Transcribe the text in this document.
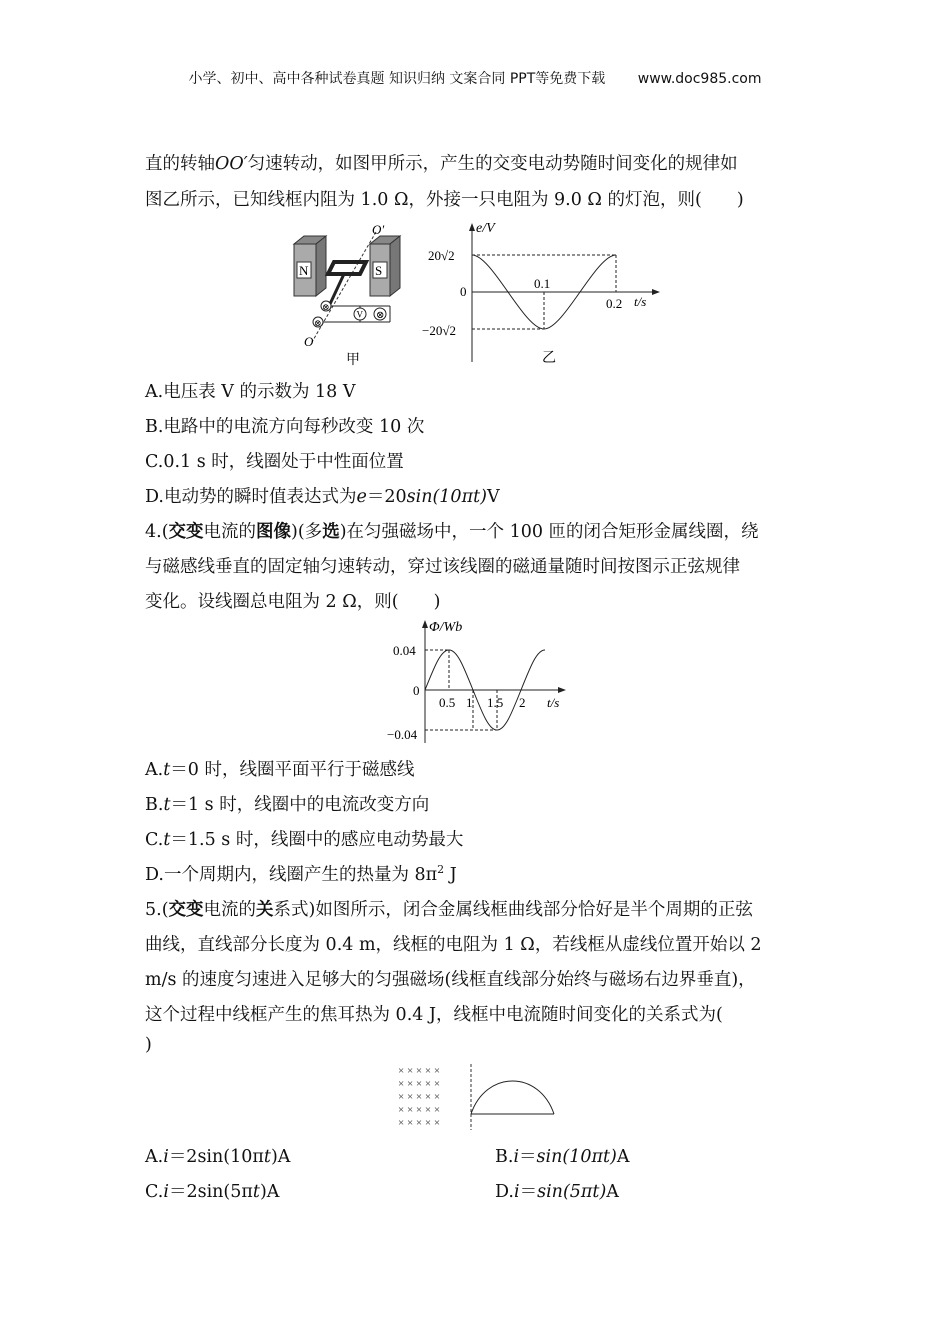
小学、初中、高中各种试卷真题 知识归纳 文案合同 PPT等免费下载 www.doc985.com
直的转轴OO′匀速转动，如图甲所示，产生的交变电动势随时间变化的规律如
图乙所示，已知线框内阻为 1.0 Ω，外接一只电阻为 9.0 Ω 的灯泡，则(　　)
N	S
O′
⊗
⊗
V ⊗
O
甲
e/V
20√2
0
−20√2
0.1
0.2 t/s
乙
A.电压表 V 的示数为 18 V
B.电路中的电流方向每秒改变 10 次
C.0.1 s 时，线圈处于中性面位置
D.电动势的瞬时值表达式为e＝20sin(10πt)V
4.(交变电流的图像)(多选)在匀强磁场中，一个 100 匝的闭合矩形金属线圈，绕
与磁感线垂直的固定轴匀速转动，穿过该线圈的磁通量随时间按图示正弦规律
变化。设线圈总电阻为 2 Ω，则(　　)
Φ/Wb
0.04
0
−0.04
0.5 1 1.5 2 t/s
A.t＝0 时，线圈平面平行于磁感线
B.t＝1 s 时，线圈中的电流改变方向
C.t＝1.5 s 时，线圈中的感应电动势最大
D.一个周期内，线圈产生的热量为 $8\pi^2$ J
5.(交变电流的关系式)如图所示，闭合金属线框曲线部分恰好是半个周期的正弦
曲线，直线部分长度为 0.4 m，线框的电阻为 1 Ω，若线框从虚线位置开始以 2
m/s 的速度匀速进入足够大的匀强磁场(线框直线部分始终与磁场右边界垂直)，
这个过程中线框产生的焦耳热为 0.4 J，线框中电流随时间变化的关系式为(
)
× × × × ×
× × × × ×
× × × × ×
× × × × ×
× × × × ×
A.i＝2sin(10πt)A	B.i＝sin(10πt)A
C.i＝2sin(5πt)A	D.i＝sin(5πt)A
